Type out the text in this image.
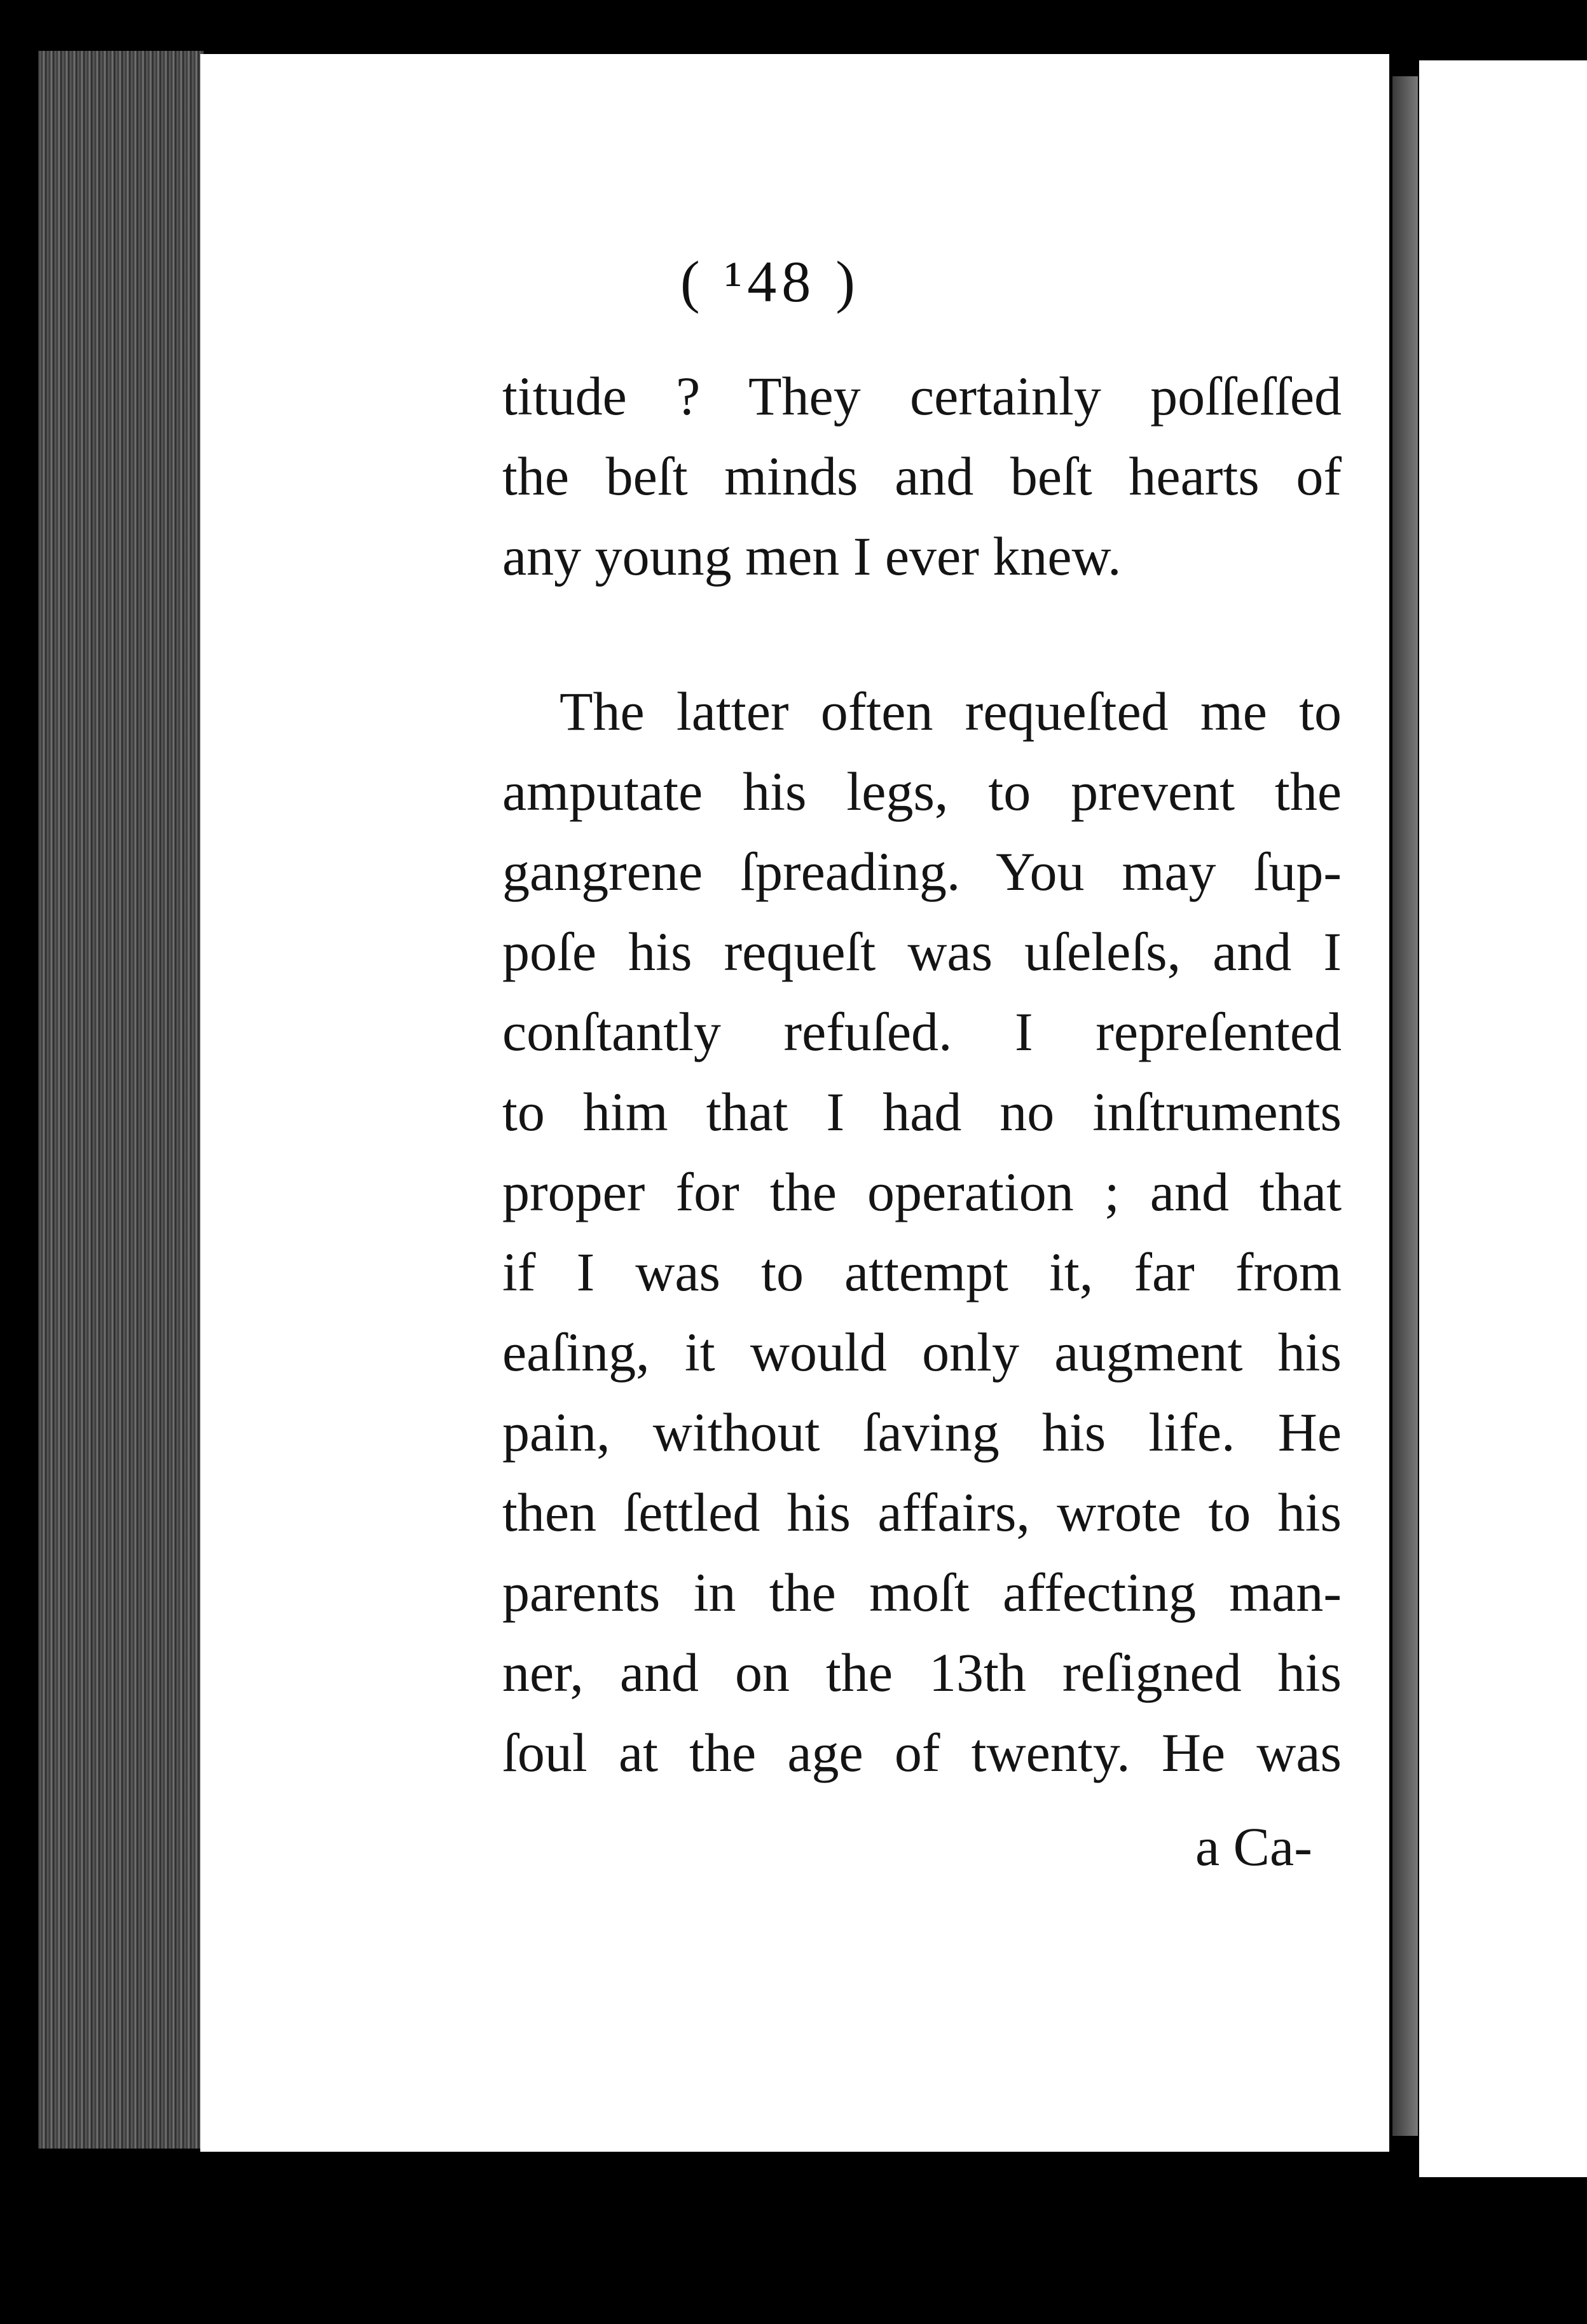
( ¹48 )
titude ? They certainly poſſeſſed
the beſt minds and beſt hearts of
any young men I ever knew.
The latter often requeſted me to
amputate his legs, to prevent the
gangrene ſpreading. You may ſup-
poſe his requeſt was uſeleſs, and I
conſtantly refuſed. I repreſented
to him that I had no inſtruments
proper for the operation ; and that
if I was to attempt it, far from
eaſing, it would only augment his
pain, without ſaving his life. He
then ſettled his affairs, wrote to his
parents in the moſt affecting man-
ner, and on the 13th reſigned his
ſoul at the age of twenty. He was
a Ca-
